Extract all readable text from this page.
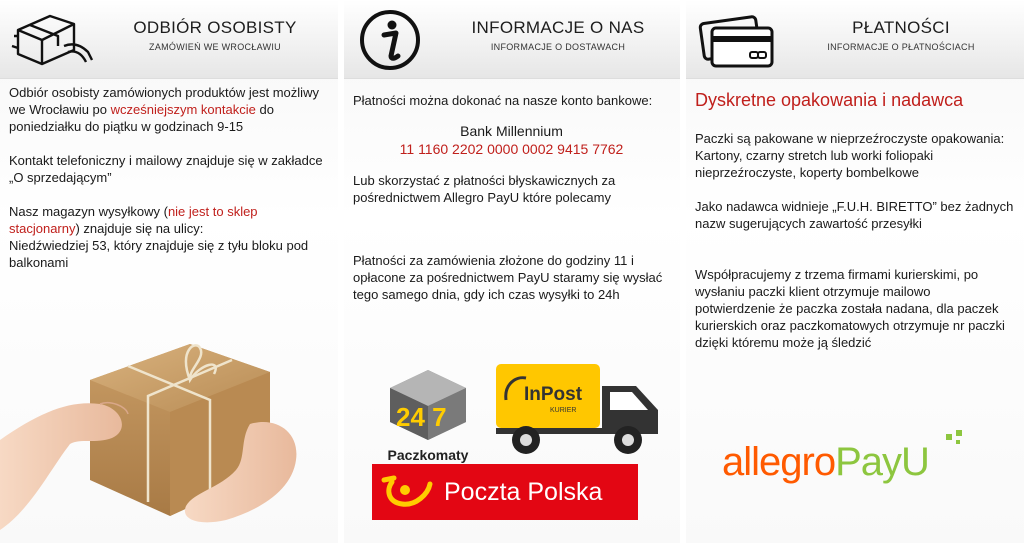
ODBIÓR OSOBISTY
ZAMÓWIEŃ WE WROCŁAWIU

Odbiór osobisty zamówionych produktów jest możliwy we Wrocławiu po wcześniejszym kontakcie do poniedziałku do piątku w godzinach 9-15

Kontakt telefoniczny i mailowy znajduje się w zakładce „O sprzedającym”

Nasz magazyn wysyłkowy (nie jest to sklep stacjonarny) znajduje się na ulicy:

Niedźwiedziej 53, który znajduje się z tyłu bloku pod balkonami

INFORMACJE O NAS
INFORMACJE O DOSTAWACH

Płatności można dokonać na nasze konto bankowe:

Bank Millennium

11 1160 2202 0000 0002 9415 7762

Lub skorzystać z płatności błyskawicznych za pośrednictwem Allegro PayU które polecamy

Płatności za zamówienia złożone do godziny 11 i opłacone za pośrednictwem PayU staramy się wysłać tego samego dnia, gdy ich czas wysyłki to 24h

24 7
Paczkomaty
InPost
KURIER
Poczta Polska
PŁATNOŚCI
INFORMACJE O PŁATNOŚCIACH

Dyskretne opakowania i nadawca

Paczki są pakowane w nieprzeźroczyste opakowania:

Kartony, czarny stretch lub worki foliopaki nieprzeźroczyste, koperty bombelkowe

Jako nadawca widnieje „F.U.H. BIRETTO” bez żadnych nazw sugerujących zawartość przesyłki

Współpracujemy z trzema firmami kurierskimi, po wysłaniu paczki klient otrzymuje mailowo potwierdzenie że paczka została nadana, dla paczek kurierskich oraz paczkomatowych otrzymuje nr paczki dzięki któremu może ją śledzić

allegroPayU
